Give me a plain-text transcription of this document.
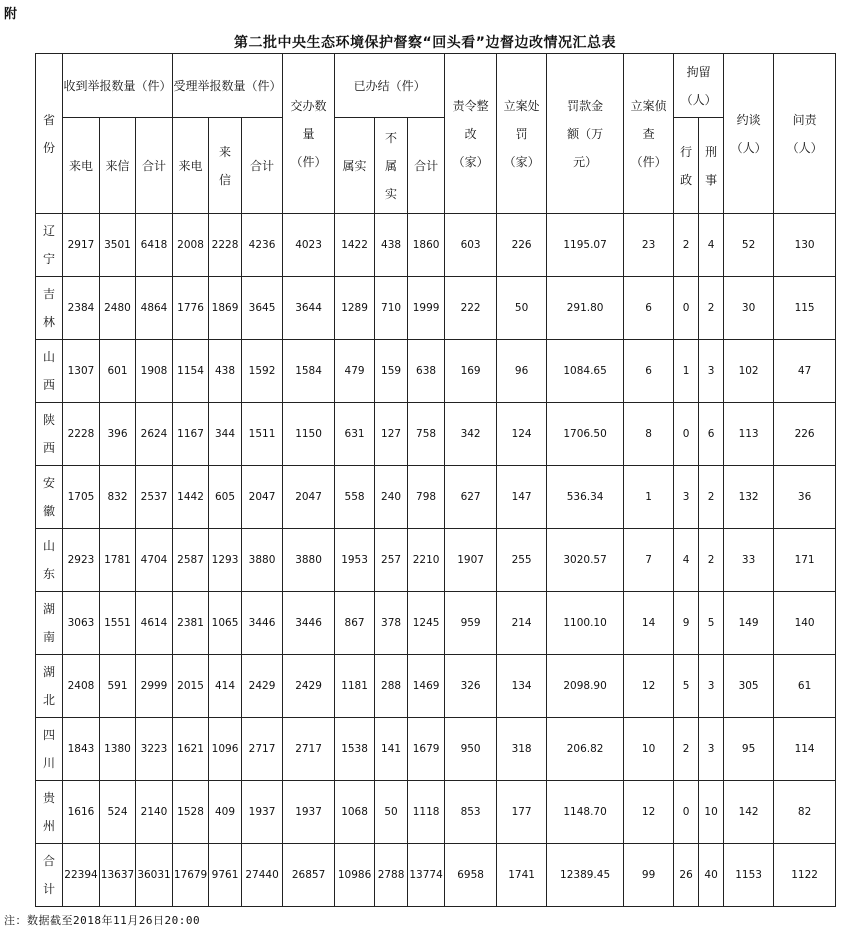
附
第二批中央生态环境保护督察“回头看”边督边改情况汇总表
省份	收到举报数量（件）			受理举报数量（件）			交办数量（件）	已办结（件）			责令整改（家）	立案处罚（家）	罚款金额（万元）	立案侦查（件）	拘留（人）		约谈（人）	问责（人）
	来电	来信	合计	来电	来信	合计		属实	不属实	合计					行政	刑事		
辽宁	2917	3501	6418	2008	2228	4236	4023	1422	438	1860	603	226	1195.07	23	2	4	52	130
吉林	2384	2480	4864	1776	1869	3645	3644	1289	710	1999	222	50	291.80	6	0	2	30	115
山西	1307	601	1908	1154	438	1592	1584	479	159	638	169	96	1084.65	6	1	3	102	47
陕西	2228	396	2624	1167	344	1511	1150	631	127	758	342	124	1706.50	8	0	6	113	226
安徽	1705	832	2537	1442	605	2047	2047	558	240	798	627	147	536.34	1	3	2	132	36
山东	2923	1781	4704	2587	1293	3880	3880	1953	257	2210	1907	255	3020.57	7	4	2	33	171
湖南	3063	1551	4614	2381	1065	3446	3446	867	378	1245	959	214	1100.10	14	9	5	149	140
湖北	2408	591	2999	2015	414	2429	2429	1181	288	1469	326	134	2098.90	12	5	3	305	61
四川	1843	1380	3223	1621	1096	2717	2717	1538	141	1679	950	318	206.82	10	2	3	95	114
贵州	1616	524	2140	1528	409	1937	1937	1068	50	1118	853	177	1148.70	12	0	10	142	82
合计	22394	13637	36031	17679	9761	27440	26857	10986	2788	13774	6958	1741	12389.45	99	26	40	1153	1122
注：数据截至2018年11月26日20:00
